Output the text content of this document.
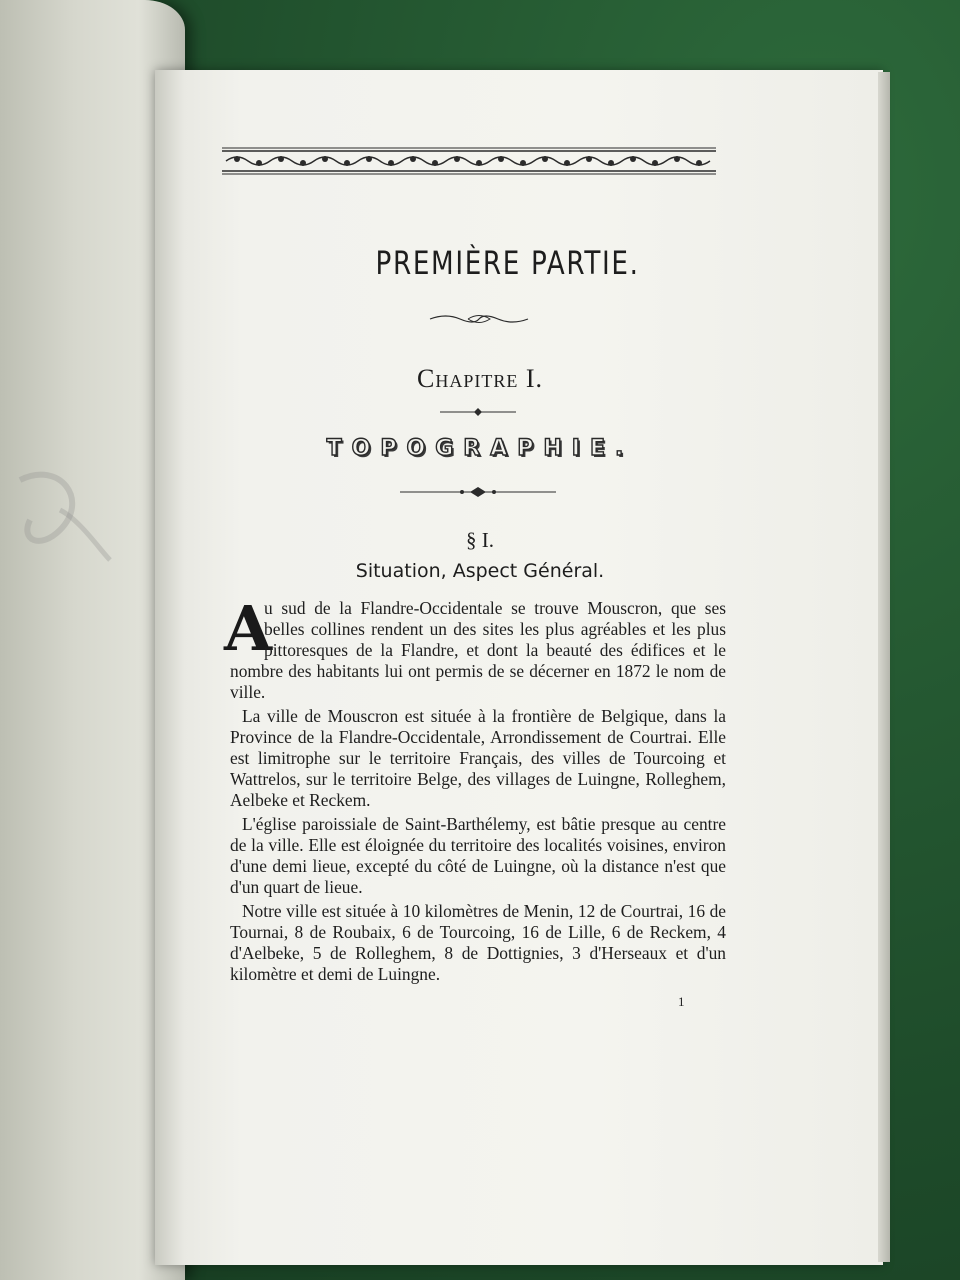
PREMIÈRE PARTIE.
Chapitre I.
TOPOGRAPHIE.
§ I.
Situation, Aspect Général.

A
u sud de la Flandre-Occidentale se trouve Mouscron, que ses belles collines rendent un des sites les plus agréables et les plus pittoresques de la Flandre, et dont la beauté des édifices et le nombre des habitants lui ont permis de se décerner en 1872 le nom de ville.

La ville de Mouscron est située à la frontière de Belgique, dans la Province de la Flandre-Occidentale, Arrondissement de Courtrai. Elle est limitrophe sur le territoire Français, des villes de Tourcoing et Wattrelos, sur le territoire Belge, des villages de Luingne, Rolleghem, Aelbeke et Reckem.

L'église paroissiale de Saint-Barthélemy, est bâtie presque au centre de la ville. Elle est éloignée du territoire des localités voisines, environ d'une demi lieue, excepté du côté de Luingne, où la distance n'est que d'un quart de lieue.

Notre ville est située à 10 kilomètres de Menin, 12 de Courtrai, 16 de Tournai, 8 de Roubaix, 6 de Tourcoing, 16 de Lille, 6 de Reckem, 4 d'Aelbeke, 5 de Rolleghem, 8 de Dottignies, 3 d'Herseaux et d'un kilomètre et demi de Luingne.

1
